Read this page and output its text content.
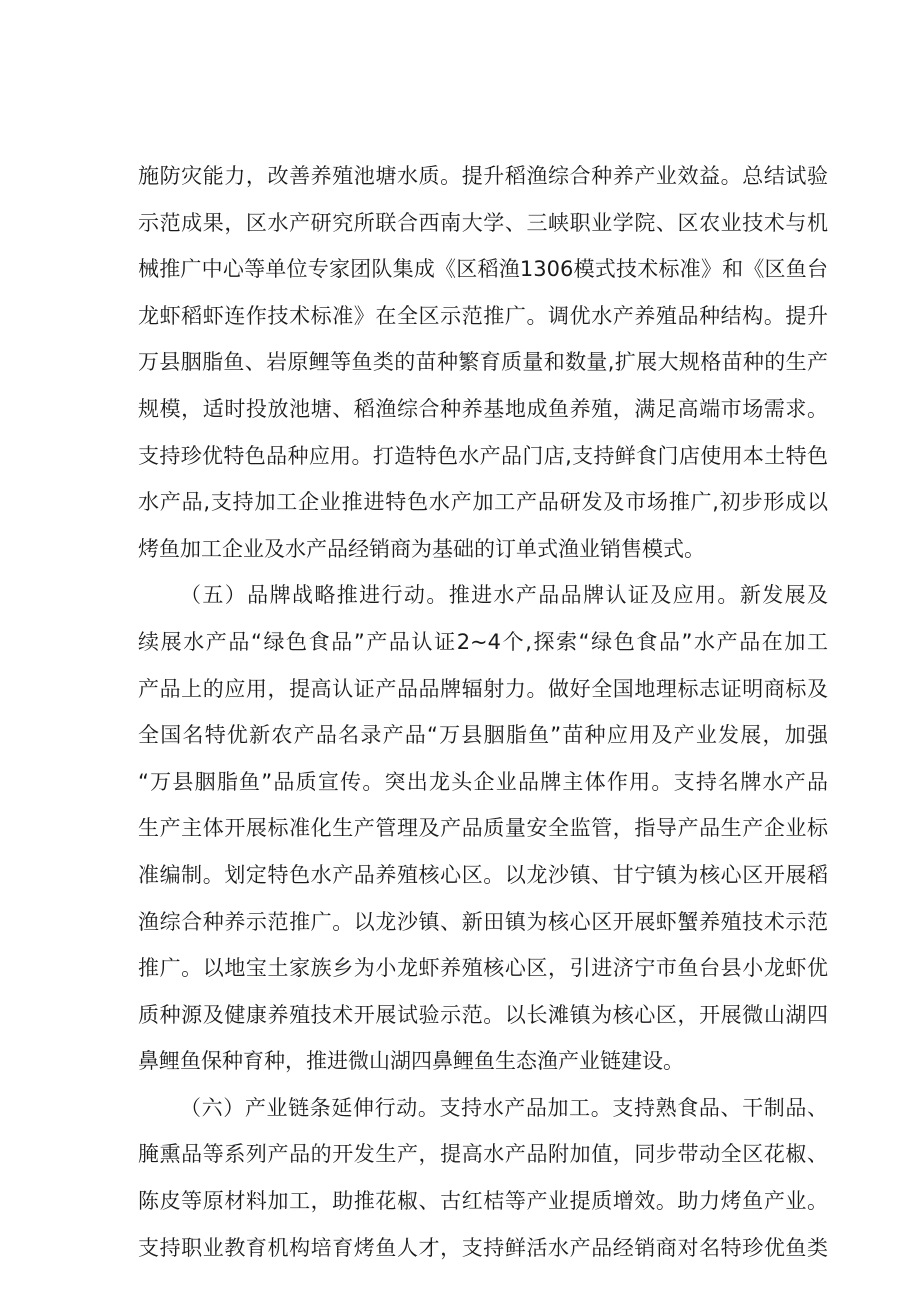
施防灾能力，改善养殖池塘水质。提升稻渔综合种养产业效益。总结试验
示范成果，区水产研究所联合西南大学、三峡职业学院、区农业技术与机
械推广中心等单位专家团队集成《区稻渔1306模式技术标准》和《区鱼台
龙虾稻虾连作技术标准》在全区示范推广。调优水产养殖品种结构。提升
万县胭脂鱼、岩原鲤等鱼类的苗种繁育质量和数量,扩展大规格苗种的生产
规模，适时投放池塘、稻渔综合种养基地成鱼养殖，满足高端市场需求。
支持珍优特色品种应用。打造特色水产品门店,支持鲜食门店使用本土特色
水产品,支持加工企业推进特色水产加工产品研发及市场推广,初步形成以
烤鱼加工企业及水产品经销商为基础的订单式渔业销售模式。
（五）品牌战略推进行动。推进水产品品牌认证及应用。新发展及
续展水产品“绿色食品”产品认证2~4个,探索“绿色食品”水产品在加工
产品上的应用，提高认证产品品牌辐射力。做好全国地理标志证明商标及
全国名特优新农产品名录产品“万县胭脂鱼”苗种应用及产业发展，加强
“万县胭脂鱼”品质宣传。突出龙头企业品牌主体作用。支持名牌水产品
生产主体开展标准化生产管理及产品质量安全监管，指导产品生产企业标
准编制。划定特色水产品养殖核心区。以龙沙镇、甘宁镇为核心区开展稻
渔综合种养示范推广。以龙沙镇、新田镇为核心区开展虾蟹养殖技术示范
推广。以地宝土家族乡为小龙虾养殖核心区，引进济宁市鱼台县小龙虾优
质种源及健康养殖技术开展试验示范。以长滩镇为核心区，开展微山湖四
鼻鲤鱼保种育种，推进微山湖四鼻鲤鱼生态渔产业链建设。
（六）产业链条延伸行动。支持水产品加工。支持熟食品、干制品、
腌熏品等系列产品的开发生产，提高水产品附加值，同步带动全区花椒、
陈皮等原材料加工，助推花椒、古红桔等产业提质增效。助力烤鱼产业。
支持职业教育机构培育烤鱼人才，支持鲜活水产品经销商对名特珍优鱼类
